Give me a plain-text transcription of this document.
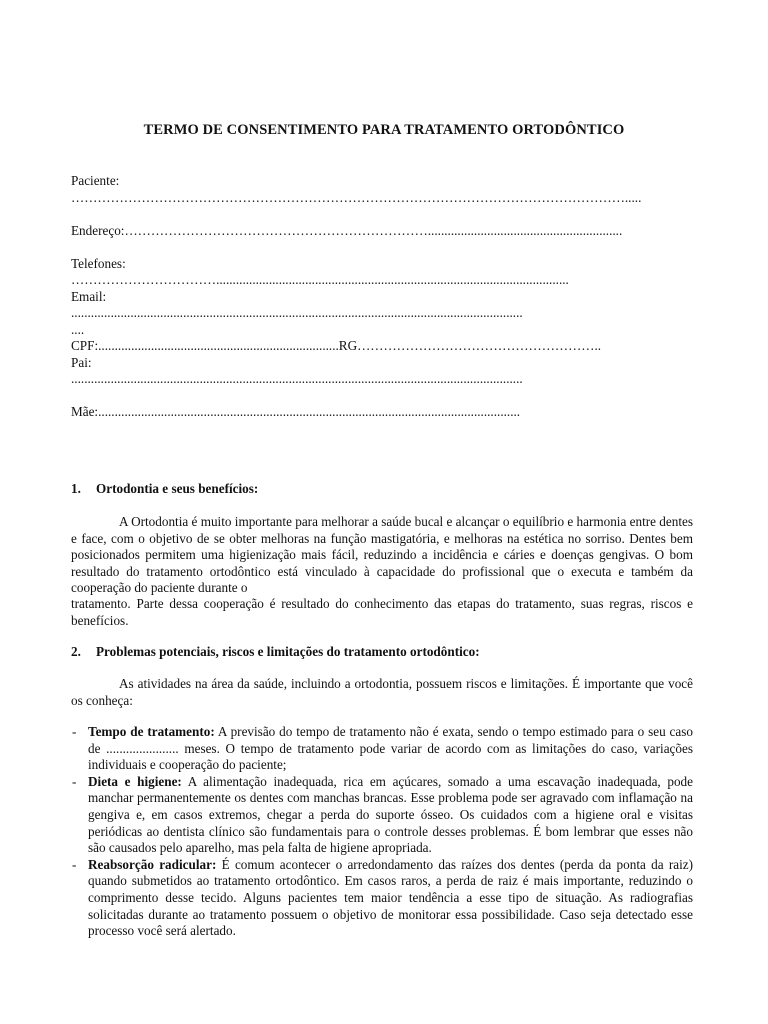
TERMO DE CONSENTIMENTO PARA TRATAMENTO ORTODÔNTICO
Paciente:
……………………………………………………………………………………………………………….....
Endereço:……………………………………………………………...........................................................
Telefones:
……………………………...........................................................................................................
Email:
.........................................................................................................................................
....
CPF:.........................................................................RG………………………………………………..
Pai:
.........................................................................................................................................
Mãe:................................................................................................................................
1. Ortodontia e seus benefícios:
A Ortodontia é muito importante para melhorar a saúde bucal e alcançar o equilíbrio e harmonia entre dentes e face, com o objetivo de se obter melhoras na função mastigatória, e melhoras na estética no sorriso. Dentes bem posicionados permitem uma higienização mais fácil, reduzindo a incidência e cáries e doenças gengivas. O bom resultado do tratamento ortodôntico está vinculado à capacidade do profissional que o executa e também da cooperação do paciente durante o
tratamento. Parte dessa cooperação é resultado do conhecimento das etapas do tratamento, suas regras, riscos e benefícios.
2. Problemas potenciais, riscos e limitações do tratamento ortodôntico:
As atividades na área da saúde, incluindo a ortodontia, possuem riscos e limitações. É importante que você os conheça:
- Tempo de tratamento: A previsão do tempo de tratamento não é exata, sendo o tempo estimado para o seu caso de ...................... meses. O tempo de tratamento pode variar de acordo com as limitações do caso, variações individuais e cooperação do paciente;
- Dieta e higiene: A alimentação inadequada, rica em açúcares, somado a uma escavação inadequada, pode manchar permanentemente os dentes com manchas brancas. Esse problema pode ser agravado com inflamação na gengiva e, em casos extremos, chegar a perda do suporte ósseo. Os cuidados com a higiene oral e visitas periódicas ao dentista clínico são fundamentais para o controle desses problemas. É bom lembrar que esses não são causados pelo aparelho, mas pela falta de higiene apropriada.
- Reabsorção radicular: É comum acontecer o arredondamento das raízes dos dentes (perda da ponta da raiz) quando submetidos ao tratamento ortodôntico. Em casos raros, a perda de raiz é mais importante, reduzindo o comprimento desse tecido. Alguns pacientes tem maior tendência a esse tipo de situação. As radiografias solicitadas durante ao tratamento possuem o objetivo de monitorar essa possibilidade. Caso seja detectado esse processo você será alertado.
